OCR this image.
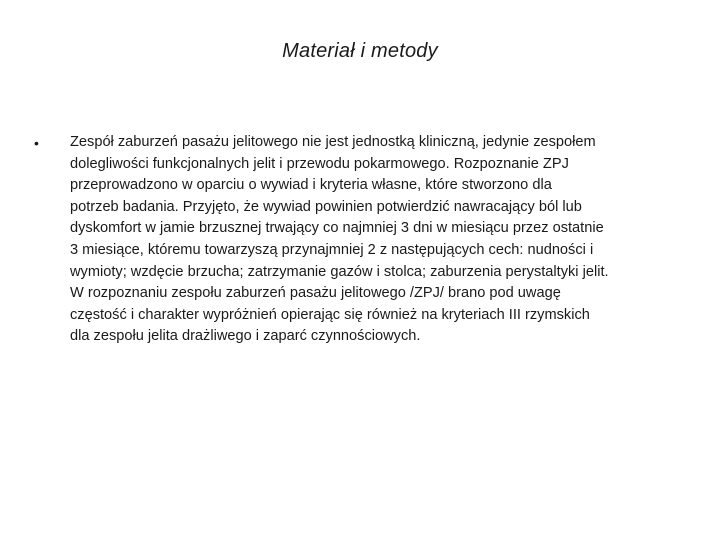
Materiał i metody
•	Zespół zaburzeń pasażu jelitowego nie jest jednostką kliniczną, jedynie zespołem
dolegliwości funkcjonalnych jelit i przewodu pokarmowego. Rozpoznanie ZPJ
przeprowadzono w oparciu o wywiad i kryteria własne, które stworzono dla
potrzeb badania. Przyjęto, że wywiad powinien potwierdzić nawracający ból lub
dyskomfort w jamie brzusznej trwający co najmniej 3 dni w miesiącu przez ostatnie
3 miesiące, któremu towarzyszą przynajmniej 2 z następujących cech: nudności i
wymioty; wzdęcie brzucha; zatrzymanie gazów i stolca; zaburzenia perystaltyki jelit.
W rozpoznaniu zespołu zaburzeń pasażu jelitowego /ZPJ/ brano pod uwagę
częstość i charakter wypróżnień opierając się również na kryteriach III rzymskich
dla zespołu jelita drażliwego i zaparć czynnościowych.
